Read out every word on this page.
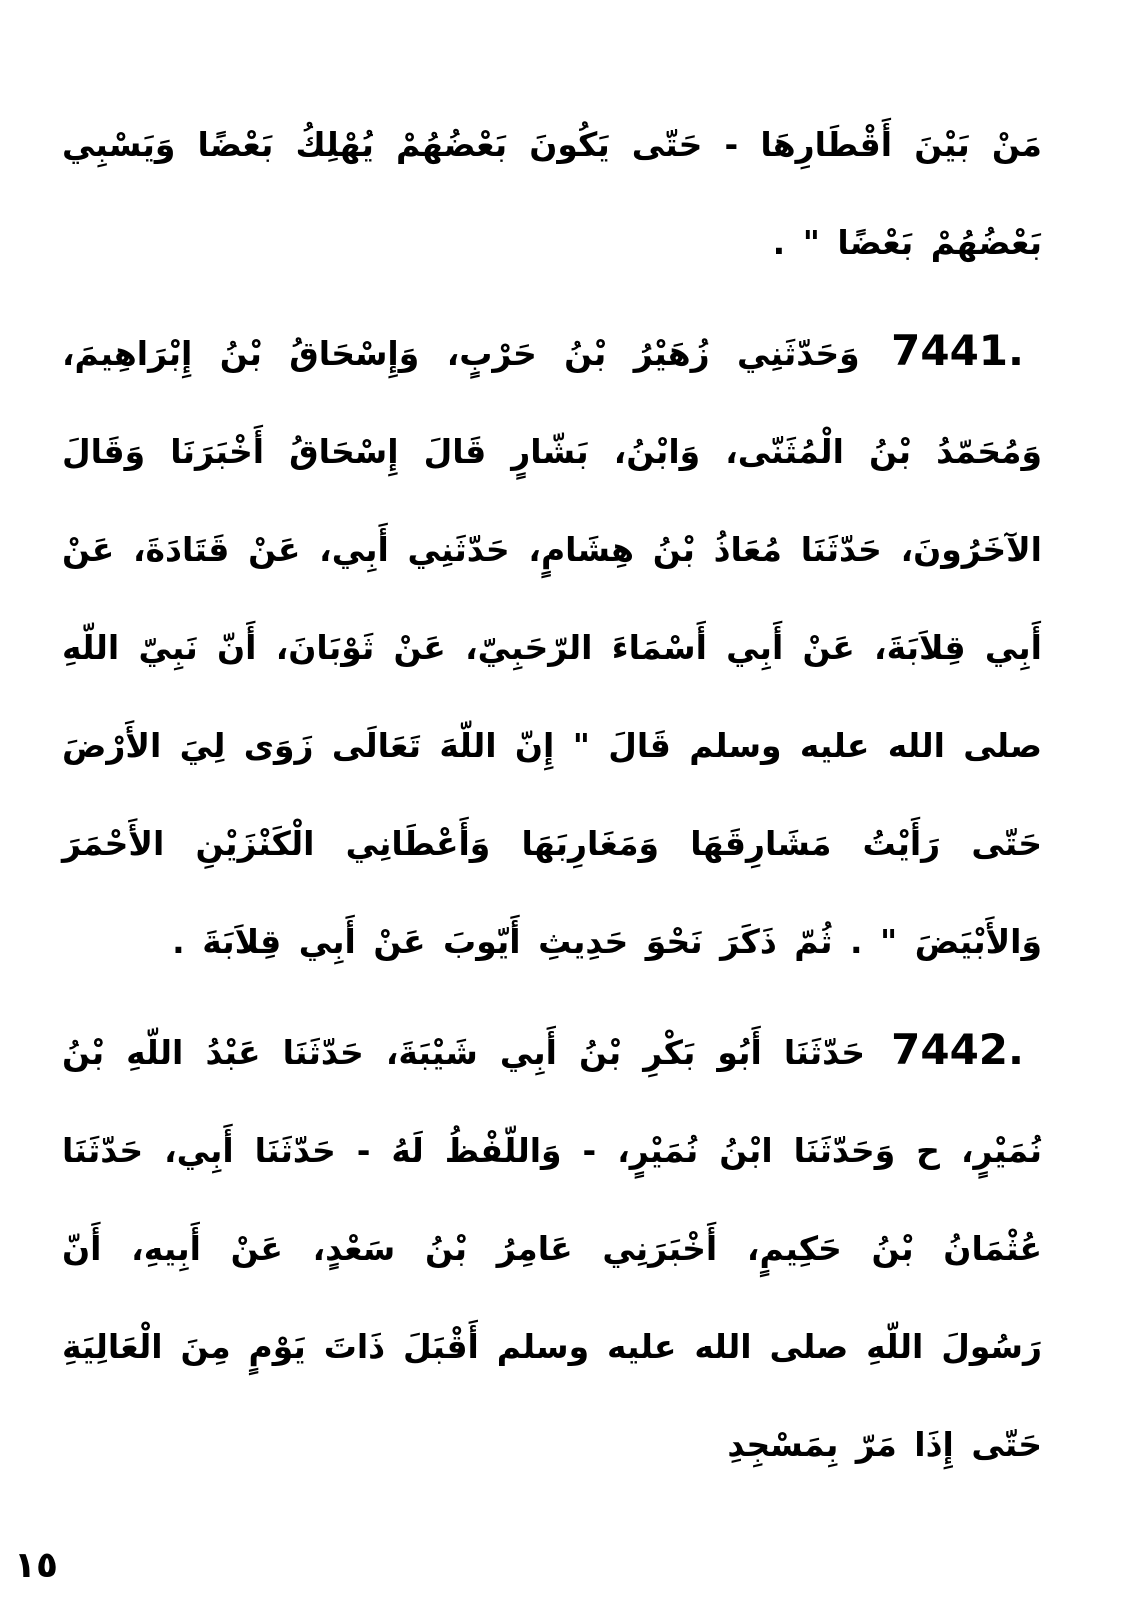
مَنْ بَيْنَ أَقْطَارِهَا - حَتّى يَكُونَ بَعْضُهُمْ يُهْلِكُ بَعْضًا وَيَسْبِي بَعْضُهُمْ بَعْضًا " .

7441. وَحَدّثَنِي زُهَيْرُ بْنُ حَرْبٍ، وَإِسْحَاقُ بْنُ إِبْرَاهِيمَ، وَمُحَمّدُ بْنُ الْمُثَنّى، وَابْنُ، بَشّارٍ قَالَ إِسْحَاقُ أَخْبَرَنَا وَقَالَ الآخَرُونَ، حَدّثَنَا مُعَاذُ بْنُ هِشَامٍ، حَدّثَنِي أَبِي، عَنْ قَتَادَةَ، عَنْ أَبِي قِلاَبَةَ، عَنْ أَبِي أَسْمَاءَ الرّحَبِيّ، عَنْ ثَوْبَانَ، أَنّ نَبِيّ اللّهِ صلى الله عليه وسلم قَالَ " إِنّ اللّهَ تَعَالَى زَوَى لِيَ الأَرْضَ حَتّى رَأَيْتُ مَشَارِقَهَا وَمَغَارِبَهَا وَأَعْطَانِي الْكَنْزَيْنِ الأَحْمَرَ وَالأَبْيَضَ " . ثُمّ ذَكَرَ نَحْوَ حَدِيثِ أَيّوبَ عَنْ أَبِي قِلاَبَةَ .

7442. حَدّثَنَا أَبُو بَكْرِ بْنُ أَبِي شَيْبَةَ، حَدّثَنَا عَبْدُ اللّهِ بْنُ نُمَيْرٍ، ح وَحَدّثَنَا ابْنُ نُمَيْرٍ، - وَاللّفْظُ لَهُ - حَدّثَنَا أَبِي، حَدّثَنَا عُثْمَانُ بْنُ حَكِيمٍ، أَخْبَرَنِي عَامِرُ بْنُ سَعْدٍ، عَنْ أَبِيهِ، أَنّ رَسُولَ اللّهِ صلى الله عليه وسلم أَقْبَلَ ذَاتَ يَوْمٍ مِنَ الْعَالِيَةِ حَتّى إِذَا مَرّ بِمَسْجِدِ

١٥
